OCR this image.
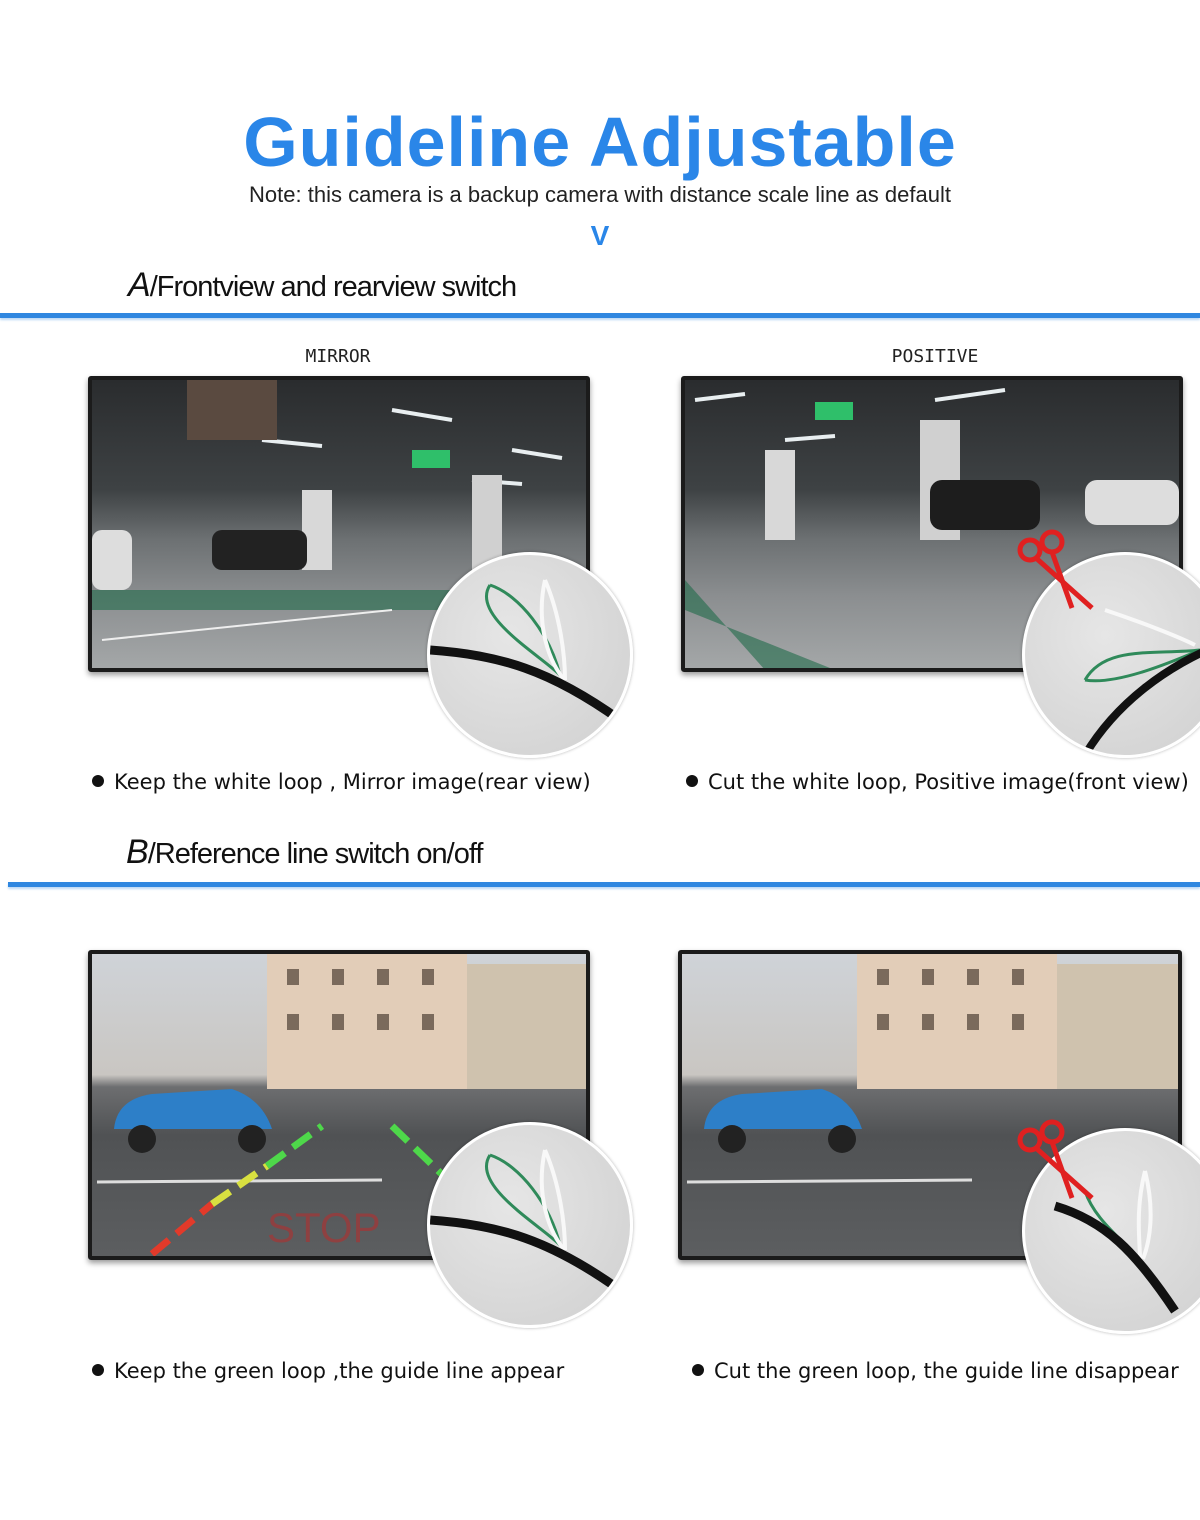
Guideline Adjustable
Note: this camera is a backup camera with distance scale line as default
V
A/Frontview and rearview switch
MIRROR	POSITIVE
Keep the white loop , Mirror image(rear view)	Cut the white loop, Positive image(front view)
B/Reference line switch on/off
STOP
Keep the green loop ,the guide line appear	Cut the green loop, the guide line disappear
